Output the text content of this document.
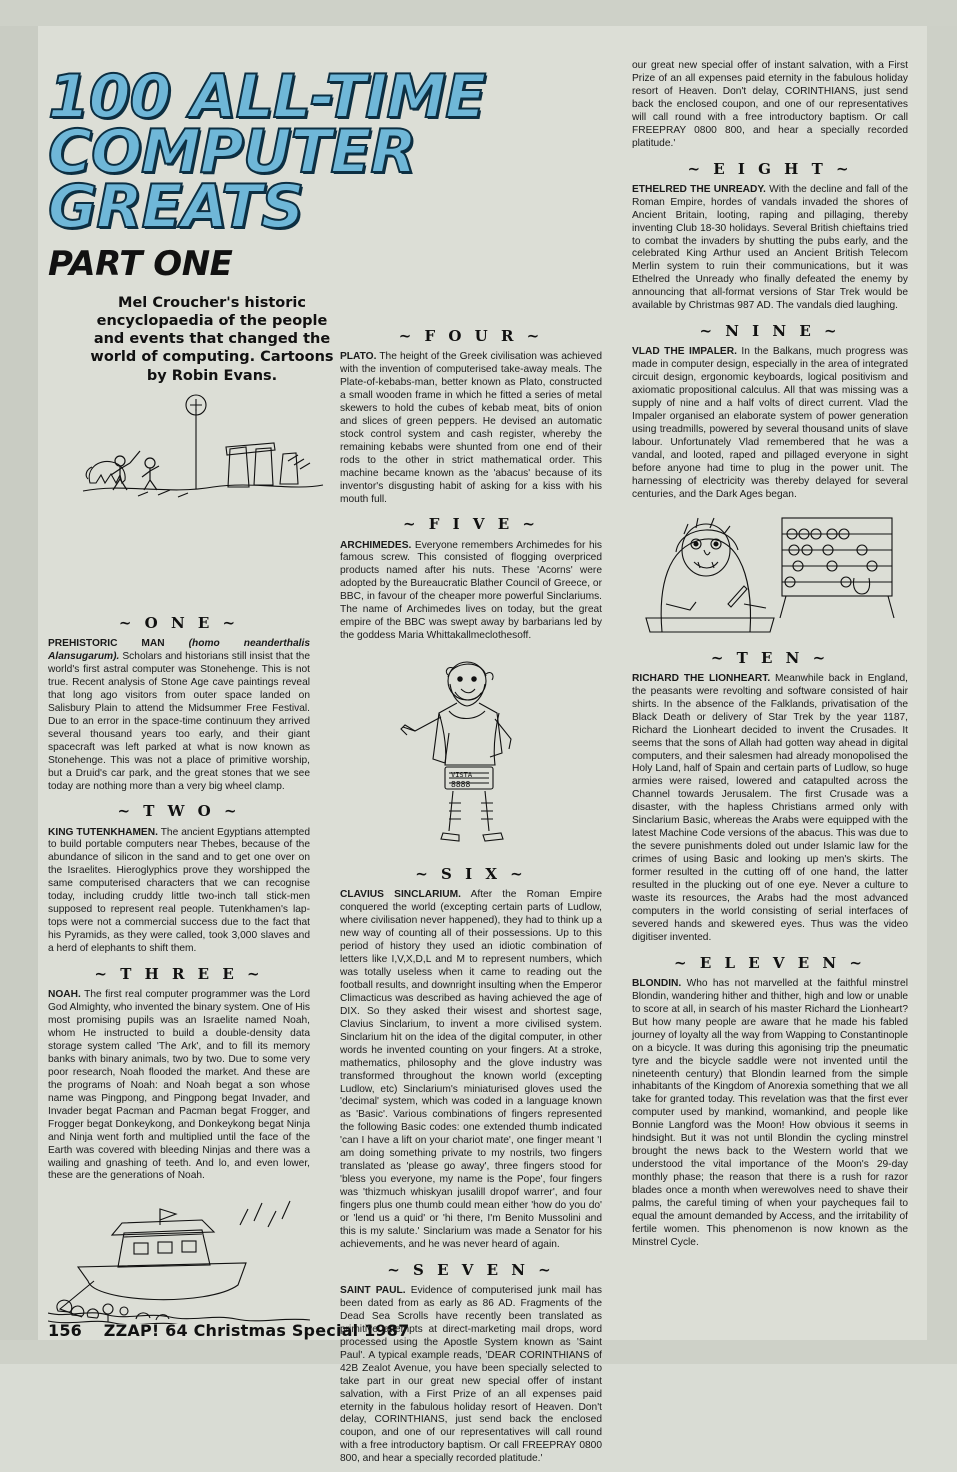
100 ALL-TIME
COMPUTER
GREATS
PART ONE
Mel Croucher's historic encyclopaedia of the people and events that changed the world of computing. Cartoons by Robin Evans.
~ O N E ~

PREHISTORIC MAN (homo neanderthalis Alansugarum). Scholars and historians still insist that the world's first astral computer was Stonehenge. This is not true. Recent analysis of Stone Age cave paintings reveal that long ago visitors from outer space landed on Salisbury Plain to attend the Midsummer Free Festival. Due to an error in the space-time continuum they arrived several thousand years too early, and their giant spacecraft was left parked at what is now known as Stonehenge. This was not a place of primitive worship, but a Druid's car park, and the great stones that we see today are nothing more than a very big wheel clamp.

~ T W O ~

KING TUTENKHAMEN. The ancient Egyptians attempted to build portable computers near Thebes, because of the abundance of silicon in the sand and to get one over on the Israelites. Hieroglyphics prove they worshipped the same computerised characters that we can recognise today, including cruddy little two-inch tall stick-men supposed to represent real people. Tutenkhamen's lap-tops were not a commercial success due to the fact that his Pyramids, as they were called, took 3,000 slaves and a herd of elephants to shift them.

~ T H R E E ~

NOAH. The first real computer programmer was the Lord God Almighty, who invented the binary system. One of His most promising pupils was an Israelite named Noah, whom He instructed to build a double-density data storage system called 'The Ark', and to fill its memory banks with binary animals, two by two. Due to some very poor research, Noah flooded the market. And these are the programs of Noah: and Noah begat a son whose name was Pingpong, and Pingpong begat Invader, and Invader begat Pacman and Pacman begat Frogger, and Frogger begat Donkeykong, and Donkeykong begat Ninja and Ninja went forth and multiplied until the face of the Earth was covered with bleeding Ninjas and there was a wailing and gnashing of teeth. And lo, and even lower, these are the generations of Noah.

~ F O U R ~

PLATO. The height of the Greek civilisation was achieved with the invention of computerised take-away meals. The Plate-of-kebabs-man, better known as Plato, constructed a small wooden frame in which he fitted a series of metal skewers to hold the cubes of kebab meat, bits of onion and slices of green peppers. He devised an automatic stock control system and cash register, whereby the remaining kebabs were shunted from one end of their rods to the other in strict mathematical order. This machine became known as the 'abacus' because of its inventor's disgusting habit of asking for a kiss with his mouth full.

~ F I V E ~

ARCHIMEDES. Everyone remembers Archimedes for his famous screw. This consisted of flogging overpriced products named after his nuts. These 'Acorns' were adopted by the Bureaucratic Blather Council of Greece, or BBC, in favour of the cheaper more powerful Sinclariums. The name of Archimedes lives on today, but the great empire of the BBC was swept away by barbarians led by the goddess Maria Whittakallmeclothesoff.

VISTA
8888
~ S I X ~

CLAVIUS SINCLARIUM. After the Roman Empire conquered the world (excepting certain parts of Ludlow, where civilisation never happened), they had to think up a new way of counting all of their possessions. Up to this period of history they used an idiotic combination of letters like I,V,X,D,L and M to represent numbers, which was totally useless when it came to reading out the football results, and downright insulting when the Emperor Climacticus was described as having achieved the age of DIX. So they asked their wisest and shortest sage, Clavius Sinclarium, to invent a more civilised system. Sinclarium hit on the idea of the digital computer, in other words he invented counting on your fingers. At a stroke, mathematics, philosophy and the glove industry was transformed throughout the known world (excepting Ludlow, etc) Sinclarium's miniaturised gloves used the 'decimal' system, which was coded in a language known as 'Basic'. Various combinations of fingers represented the following Basic codes: one extended thumb indicated 'can I have a lift on your chariot mate', one finger meant 'I am doing something private to my nostrils, two fingers translated as 'please go away', three fingers stood for 'bless you everyone, my name is the Pope', four fingers was 'thizmuch whiskyan jusalill dropof warrer', and four fingers plus one thumb could mean either 'how do you do' or 'lend us a quid' or 'hi there, I'm Benito Mussolini and this is my salute.' Sinclarium was made a Senator for his achievements, and he was never heard of again.

~ S E V E N ~

SAINT PAUL. Evidence of computerised junk mail has been dated from as early as 86 AD. Fragments of the Dead Sea Scrolls have recently been translated as primitive attempts at direct-marketing mail drops, word processed using the Apostle System known as 'Saint Paul'. A typical example reads, 'DEAR CORINTHIANS of 42B Zealot Avenue, you have been specially selected to take part in our great new special offer of instant salvation, with a First Prize of an all expenses paid eternity in the fabulous holiday resort of Heaven. Don't delay, CORINTHIANS, just send back the enclosed coupon, and one of our representatives will call round with a free introductory baptism. Or call FREEPRAY 0800 800, and hear a specially recorded platitude.'

our great new special offer of instant salvation, with a First Prize of an all expenses paid eternity in the fabulous holiday resort of Heaven. Don't delay, CORINTHIANS, just send back the enclosed coupon, and one of our representatives will call round with a free introductory baptism. Or call FREEPRAY 0800 800, and hear a specially recorded platitude.'

~ E I G H T ~

ETHELRED THE UNREADY. With the decline and fall of the Roman Empire, hordes of vandals invaded the shores of Ancient Britain, looting, raping and pillaging, thereby inventing Club 18-30 holidays. Several British chieftains tried to combat the invaders by shutting the pubs early, and the celebrated King Arthur used an Ancient British Telecom Merlin system to ruin their communications, but it was Ethelred the Unready who finally defeated the enemy by announcing that all-format versions of Star Trek would be available by Christmas 987 AD. The vandals died laughing.

~ N I N E ~

VLAD THE IMPALER. In the Balkans, much progress was made in computer design, especially in the area of integrated circuit design, ergonomic keyboards, logical positivism and axiomatic propositional calculus. All that was missing was a supply of nine and a half volts of direct current. Vlad the Impaler organised an elaborate system of power generation using treadmills, powered by several thousand units of slave labour. Unfortunately Vlad remembered that he was a vandal, and looted, raped and pillaged everyone in sight before anyone had time to plug in the power unit. The harnessing of electricity was thereby delayed for several centuries, and the Dark Ages began.

~ T E N ~

RICHARD THE LIONHEART. Meanwhile back in England, the peasants were revolting and software consisted of hair shirts. In the absence of the Falklands, privatisation of the Black Death or delivery of Star Trek by the year 1187, Richard the Lionheart decided to invent the Crusades. It seems that the sons of Allah had gotten way ahead in digital computers, and their salesmen had already monopolised the Holy Land, half of Spain and certain parts of Ludlow, so huge armies were raised, lowered and catapulted across the Channel towards Jerusalem. The first Crusade was a disaster, with the hapless Christians armed only with Sinclarium Basic, whereas the Arabs were equipped with the latest Machine Code versions of the abacus. This was due to the severe punishments doled out under Islamic law for the crimes of using Basic and looking up men's skirts. The former resulted in the cutting off of one hand, the latter resulted in the plucking out of one eye. Never a culture to waste its resources, the Arabs had the most advanced computers in the world consisting of serial interfaces of severed hands and skewered eyes. Thus was the video digitiser invented.

~ E L E V E N ~

BLONDIN. Who has not marvelled at the faithful minstrel Blondin, wandering hither and thither, high and low or unable to score at all, in search of his master Richard the Lionheart? But how many people are aware that he made his fabled journey of loyalty all the way from Wapping to Constantinople on a bicycle. It was during this agonising trip the pneumatic tyre and the bicycle saddle were not invented until the nineteenth century) that Blondin learned from the simple inhabitants of the Kingdom of Anorexia something that we all take for granted today. This revelation was that the first ever computer used by mankind, womankind, and people like Bonnie Langford was the Moon! How obvious it seems in hindsight. But it was not until Blondin the cycling minstrel brought the news back to the Western world that we understood the vital importance of the Moon's 29-day monthly phase; the reason that there is a rush for razor blades once a month when werewolves need to shave their palms, the careful timing of when your paycheques fail to equal the amount demanded by Access, and the irritability of fertile women. This phenomenon is now known as the Minstrel Cycle.

156 ZZAP! 64 Christmas Special 1987
